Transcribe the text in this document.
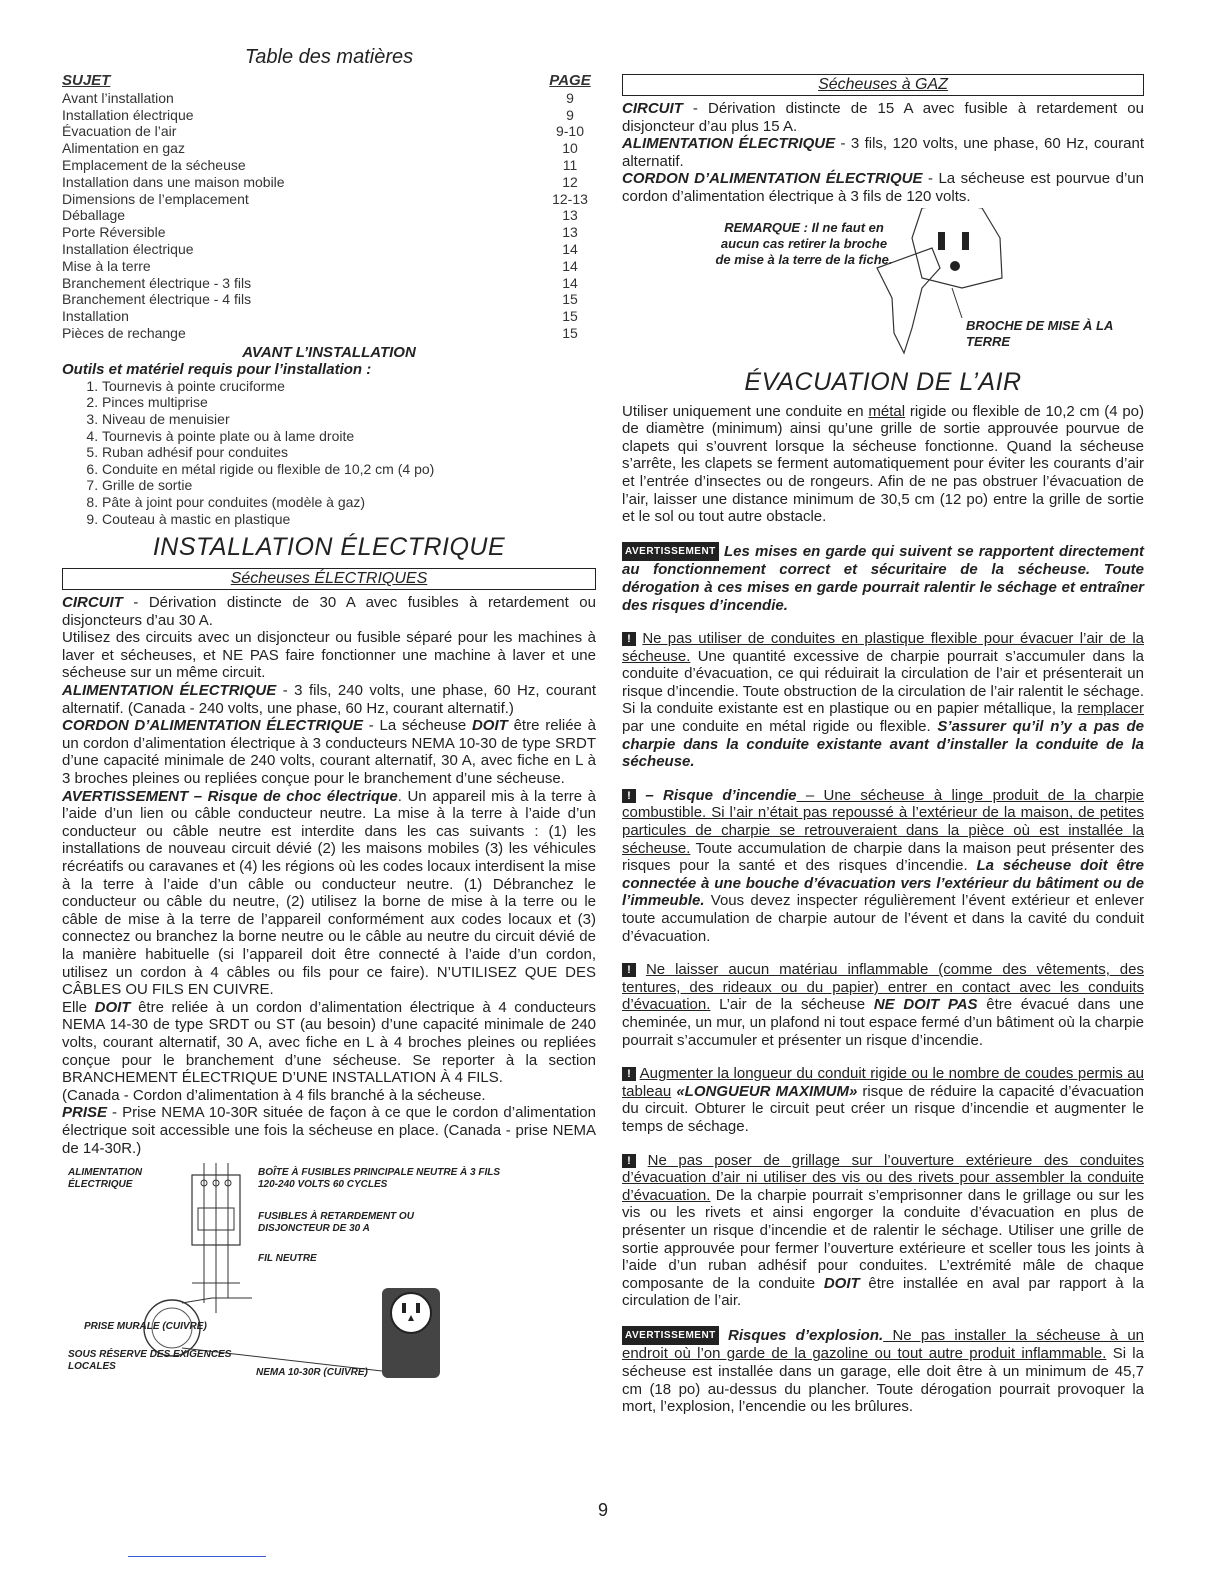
Table des matières
SUJET	PAGE
Avant l’installation	9
Installation électrique	9
Évacuation de l’air	9-10
Alimentation en gaz	10
Emplacement de la sécheuse	11
Installation dans une maison mobile	12
Dimensions de l’emplacement	12-13
Déballage	13
Porte Réversible	13
Installation électrique	14
Mise à la terre	14
Branchement électrique - 3 fils	14
Branchement électrique - 4 fils	15
Installation	15
Pièces de rechange	15
AVANT L’INSTALLATION
Outils et matériel requis pour l’installation :
1. Tournevis à pointe cruciforme
2. Pinces multiprise
3. Niveau de menuisier
4. Tournevis à pointe plate ou à lame droite
5. Ruban adhésif pour conduites
6. Conduite en métal rigide ou flexible de 10,2 cm (4 po)
7. Grille de sortie
8. Pâte à joint pour conduites (modèle à gaz)
9. Couteau à mastic en plastique
INSTALLATION ÉLECTRIQUE
Sécheuses ÉLECTRIQUES

CIRCUIT - Dérivation distincte de 30 A avec fusibles à retardement ou disjoncteurs d’au 30 A.

Utilisez des circuits avec un disjoncteur ou fusible séparé pour les machines à laver et sécheuses, et NE PAS faire fonctionner une machine à laver et une sécheuse sur un même circuit.

ALIMENTATION ÉLECTRIQUE - 3 fils, 240 volts, une phase, 60 Hz, courant alternatif. (Canada - 240 volts, une phase, 60 Hz, courant alternatif.)

CORDON D’ALIMENTATION ÉLECTRIQUE - La sécheuse DOIT être reliée à un cordon d’alimentation électrique à 3 conducteurs NEMA 10-30 de type SRDT d’une capacité minimale de 240 volts, courant alternatif, 30 A, avec fiche en L à 3 broches pleines ou repliées conçue pour le branchement d’une sécheuse.

AVERTISSEMENT – Risque de choc électrique. Un appareil mis à la terre à l’aide d’un lien ou câble conducteur neutre. La mise à la terre à l’aide d’un conducteur ou câble neutre est interdite dans les cas suivants : (1) les installations de nouveau circuit dévié (2) les maisons mobiles (3) les véhicules récréatifs ou caravanes et (4) les régions où les codes locaux interdisent la mise à la terre à l’aide d’un câble ou conducteur neutre. (1) Débranchez le conducteur ou câble du neutre, (2) utilisez la borne de mise à la terre ou le câble de mise à la terre de l’appareil conformément aux codes locaux et (3) connectez ou branchez la borne neutre ou le câble au neutre du circuit dévié de la manière habituelle (si l’appareil doit être connecté à l’aide d’un cordon, utilisez un cordon à 4 câbles ou fils pour ce faire). N’UTILISEZ QUE DES CÂBLES OU FILS EN CUIVRE.

Elle DOIT être reliée à un cordon d’alimentation électrique à 4 conducteurs NEMA 14-30 de type SRDT ou ST (au besoin) d’une capacité minimale de 240 volts, courant alternatif, 30 A, avec fiche en L à 4 broches pleines ou repliées conçue pour le branchement d’une sécheuse. Se reporter à la section BRANCHEMENT ÉLECTRIQUE D’UNE INSTALLATION À 4 FILS.

(Canada - Cordon d’alimentation à 4 fils branché à la sécheuse.

PRISE - Prise NEMA 10-30R située de façon à ce que le cordon d’alimentation électrique soit accessible une fois la sécheuse en place. (Canada - prise NEMA de 14-30R.)

ALIMENTATION ÉLECTRIQUE
BOÎTE À FUSIBLES PRINCIPALE NEUTRE À 3 FILS 120-240 VOLTS 60 CYCLES
FUSIBLES À RETARDEMENT OU DISJONCTEUR DE 30 A
FIL NEUTRE
PRISE MURALE (CUIVRE)
SOUS RÉSERVE DES EXIGENCES LOCALES
NEMA 10-30R (CUIVRE)
Sécheuses à GAZ

CIRCUIT - Dérivation distincte de 15 A avec fusible à retardement ou disjoncteur d’au plus 15 A.

ALIMENTATION ÉLECTRIQUE - 3 fils, 120 volts, une phase, 60 Hz, courant alternatif.

CORDON D’ALIMENTATION ÉLECTRIQUE - La sécheuse est pourvue d’un cordon d’alimentation électrique à 3 fils de 120 volts.

REMARQUE : Il ne faut en aucun cas retirer la broche de mise à la terre de la fiche.
BROCHE DE MISE À LA TERRE
ÉVACUATION DE L’AIR

Utiliser uniquement une conduite en métal rigide ou flexible de 10,2 cm (4 po) de diamètre (minimum) ainsi qu’une grille de sortie approuvée pourvue de clapets qui s’ouvrent lorsque la sécheuse fonctionne. Quand la sécheuse s’arrête, les clapets se ferment automatiquement pour éviter les courants d’air et l’entrée d’insectes ou de rongeurs. Afin de ne pas obstruer l’évacuation de l’air, laisser une distance minimum de 30,5 cm (12 po) entre la grille de sortie et le sol ou tout autre obstacle.

AVERTISSEMENT Les mises en garde qui suivent se rapportent directement au fonctionnement correct et sécuritaire de la sécheuse. Toute dérogation à ces mises en garde pourrait ralentir le séchage et entraîner des risques d’incendie.

! Ne pas utiliser de conduites en plastique flexible pour évacuer l’air de la sécheuse. Une quantité excessive de charpie pourrait s’accumuler dans la conduite d’évacuation, ce qui réduirait la circulation de l’air et présenterait un risque d’incendie. Toute obstruction de la circulation de l’air ralentit le séchage. Si la conduite existante est en plastique ou en papier métallique, la remplacer par une conduite en métal rigide ou flexible. S’assurer qu’il n’y a pas de charpie dans la conduite existante avant d’installer la conduite de la sécheuse.

! – Risque d’incendie – Une sécheuse à linge produit de la charpie combustible. Si l’air n’était pas repoussé à l’extérieur de la maison, de petites particules de charpie se retrouveraient dans la pièce où est installée la sécheuse. Toute accumulation de charpie dans la maison peut présenter des risques pour la santé et des risques d’incendie. La sécheuse doit être connectée à une bouche d’évacuation vers l’extérieur du bâtiment ou de l’immeuble. Vous devez inspecter régulièrement l’évent extérieur et enlever toute accumulation de charpie autour de l’évent et dans la cavité du conduit d’évacuation.

! Ne laisser aucun matériau inflammable (comme des vêtements, des tentures, des rideaux ou du papier) entrer en contact avec les conduits d’évacuation. L’air de la sécheuse NE DOIT PAS être évacué dans une cheminée, un mur, un plafond ni tout espace fermé d’un bâtiment où la charpie pourrait s’accumuler et présenter un risque d’incendie.

! Augmenter la longueur du conduit rigide ou le nombre de coudes permis au tableau «LONGUEUR MAXIMUM» risque de réduire la capacité d’évacuation du circuit. Obturer le circuit peut créer un risque d’incendie et augmenter le temps de séchage.

! Ne pas poser de grillage sur l’ouverture extérieure des conduites d’évacuation d’air ni utiliser des vis ou des rivets pour assembler la conduite d’évacuation. De la charpie pourrait s’emprisonner dans le grillage ou sur les vis ou les rivets et ainsi engorger la conduite d’évacuation en plus de présenter un risque d’incendie et de ralentir le séchage. Utiliser une grille de sortie approuvée pour fermer l’ouverture extérieure et sceller tous les joints à l’aide d’un ruban adhésif pour conduites. L’extrémité mâle de chaque composante de la conduite DOIT être installée en aval par rapport à la circulation de l’air.

AVERTISSEMENT Risques d’explosion. Ne pas installer la sécheuse à un endroit où l’on garde de la gazoline ou tout autre produit inflammable. Si la sécheuse est installée dans un garage, elle doit être à un minimum de 45,7 cm (18 po) au-dessus du plancher. Toute dérogation pourrait provoquer la mort, l’explosion, l’encendie ou les brûlures.

9
